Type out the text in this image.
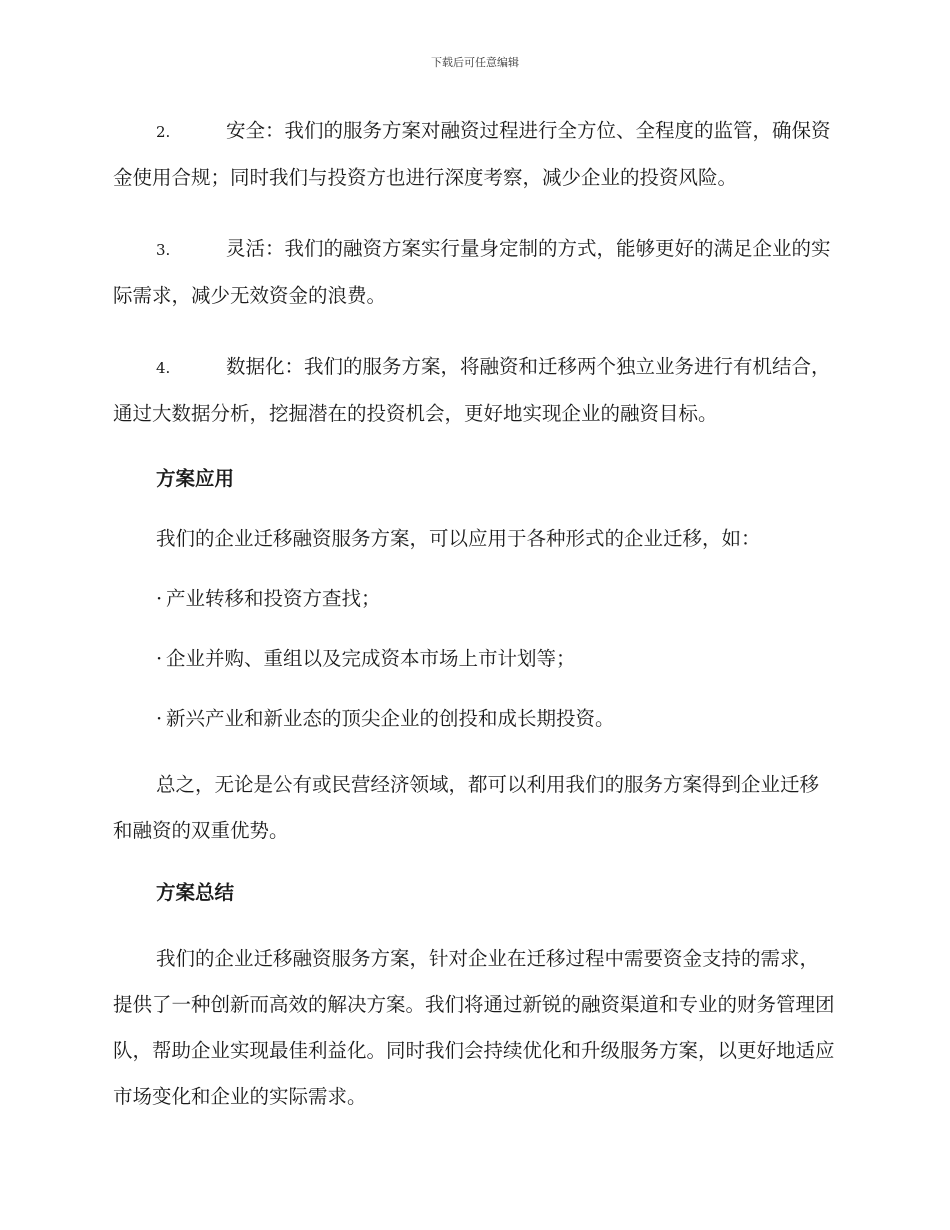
下载后可任意编辑

2.	安全：我们的服务方案对融资过程进行全方位、全程度的监管，确保资金使用合规；同时我们与投资方也进行深度考察，减少企业的投资风险。

3.	灵活：我们的融资方案实行量身定制的方式，能够更好的满足企业的实际需求，减少无效资金的浪费。

4.	数据化：我们的服务方案，将融资和迁移两个独立业务进行有机结合，通过大数据分析，挖掘潜在的投资机会，更好地实现企业的融资目标。

方案应用

我们的企业迁移融资服务方案，可以应用于各种形式的企业迁移，如：

· 产业转移和投资方查找；
· 企业并购、重组以及完成资本市场上市计划等；
· 新兴产业和新业态的顶尖企业的创投和成长期投资。

总之，无论是公有或民营经济领域，都可以利用我们的服务方案得到企业迁移和融资的双重优势。

方案总结

我们的企业迁移融资服务方案，针对企业在迁移过程中需要资金支持的需求，提供了一种创新而高效的解决方案。我们将通过新锐的融资渠道和专业的财务管理团队，帮助企业实现最佳利益化。同时我们会持续优化和升级服务方案，以更好地适应市场变化和企业的实际需求。
